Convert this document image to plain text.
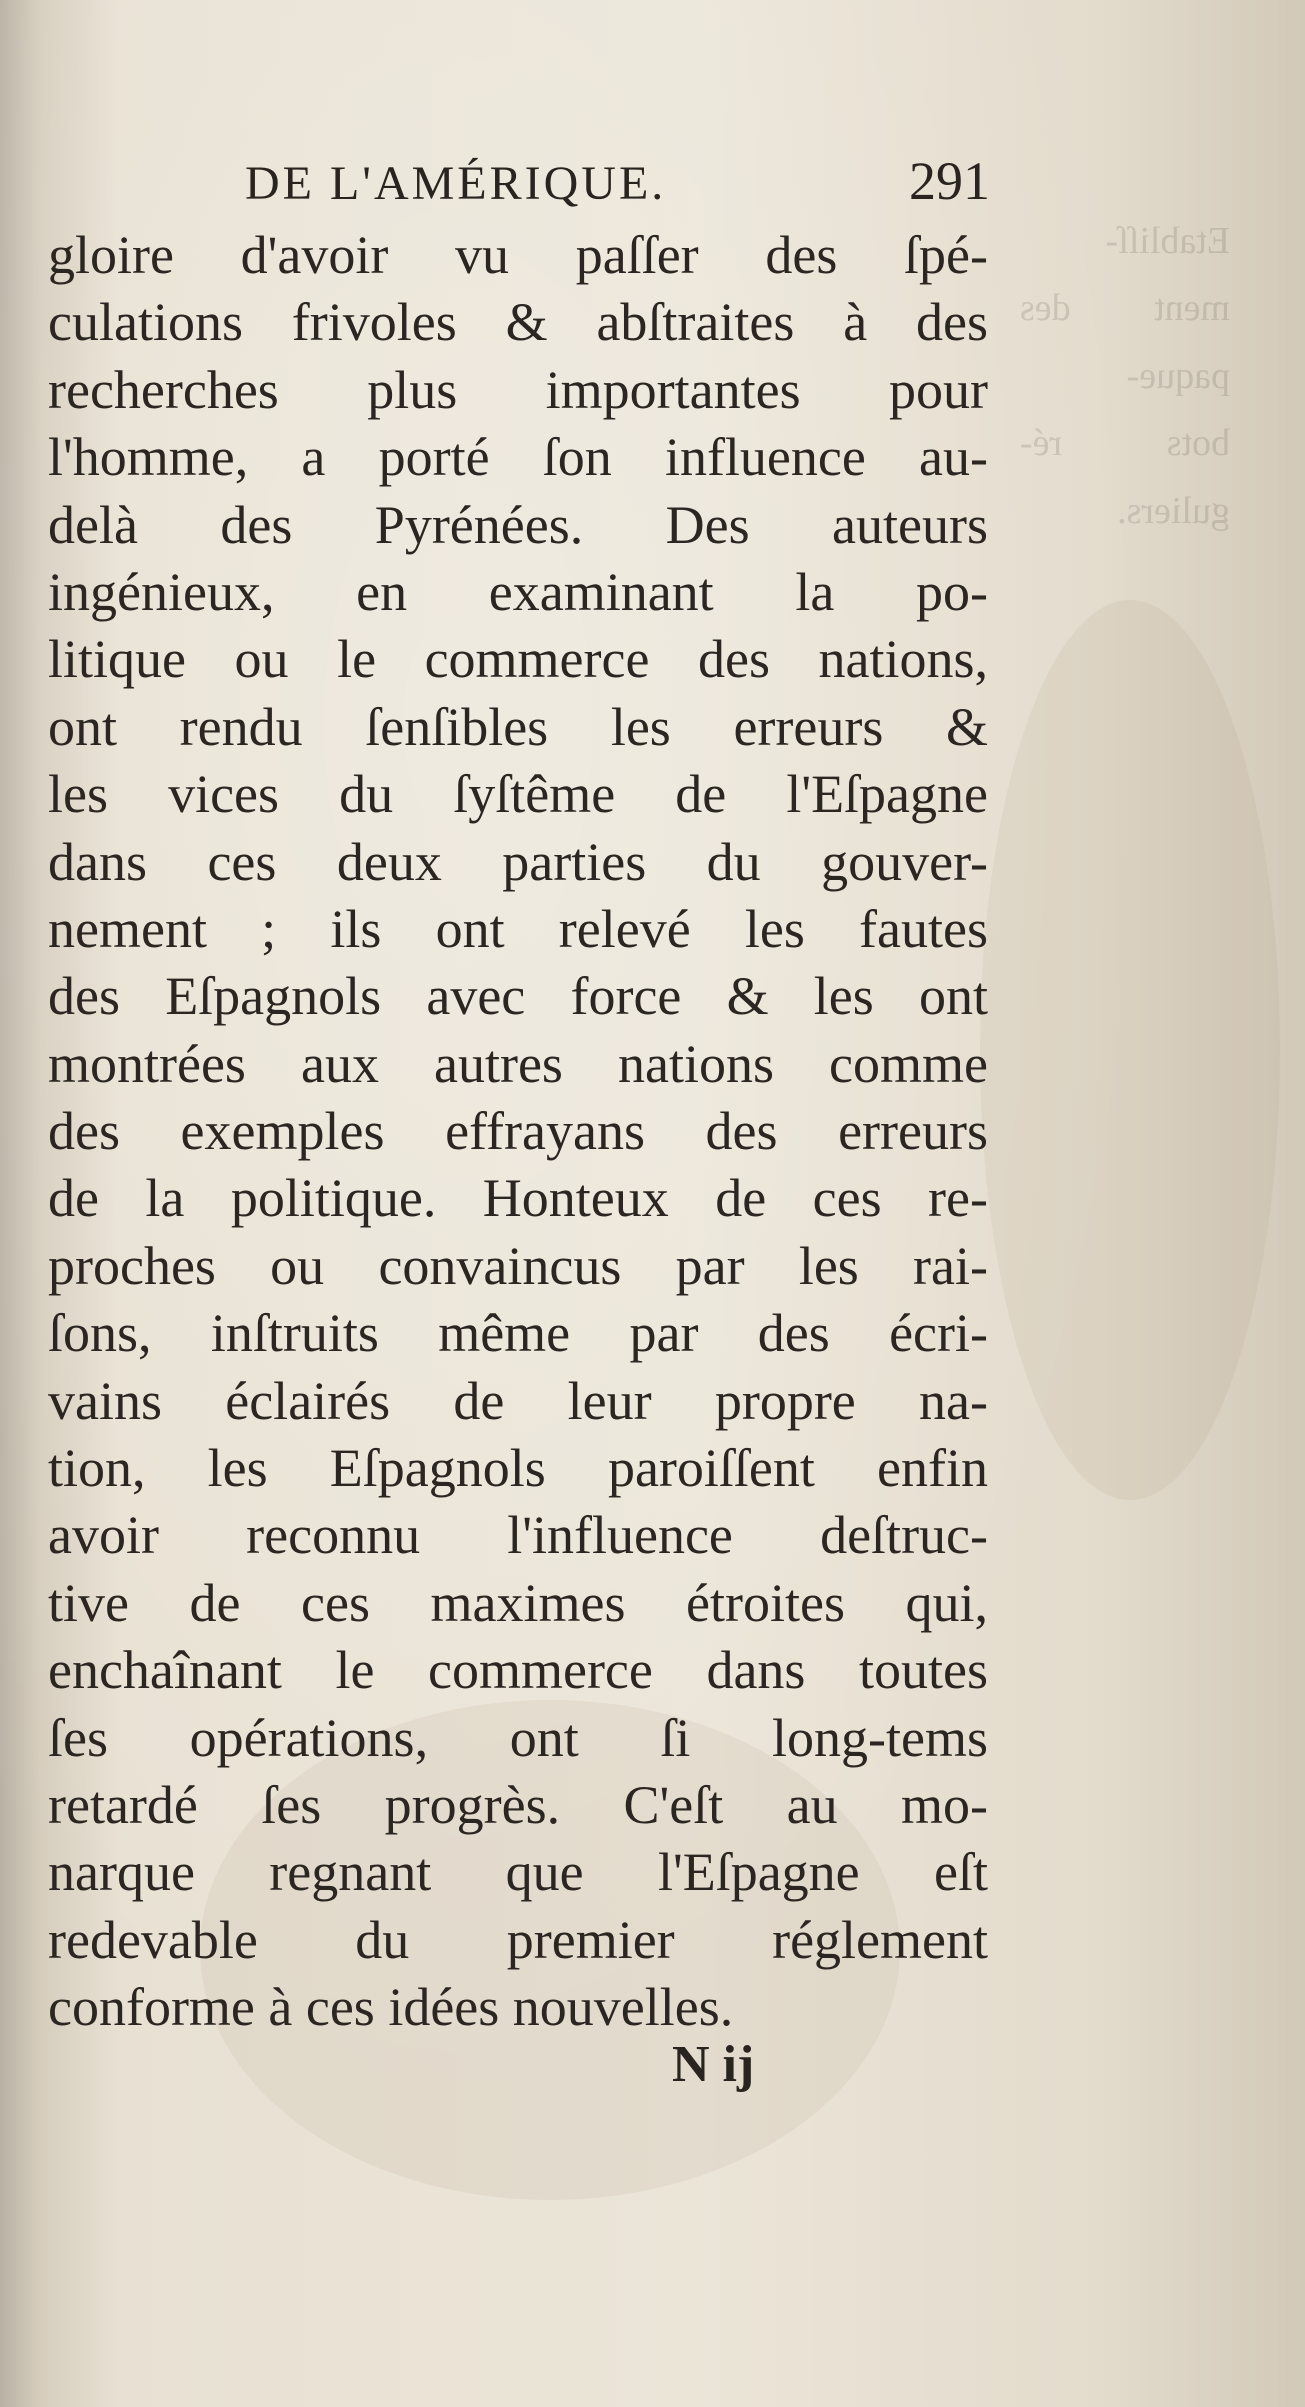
Etabliſſ-
ment des
paque-
bots ré-
guliers.
DE L'AMÉRIQUE.	291
gloire d'avoir vu paſſer des ſpé-
culations frivoles & abſtraites à des
recherches plus importantes pour
l'homme, a porté ſon influence au-
delà des Pyrénées. Des auteurs
ingénieux, en examinant la po-
litique ou le commerce des nations,
ont rendu ſenſibles les erreurs &
les vices du ſyſtême de l'Eſpagne
dans ces deux parties du gouver-
nement ; ils ont relevé les fautes
des Eſpagnols avec force & les ont
montrées aux autres nations comme
des exemples effrayans des erreurs
de la politique. Honteux de ces re-
proches ou convaincus par les rai-
ſons, inſtruits même par des écri-
vains éclairés de leur propre na-
tion, les Eſpagnols paroiſſent enfin
avoir reconnu l'influence deſtruc-
tive de ces maximes étroites qui,
enchaînant le commerce dans toutes
ſes opérations, ont ſi long-tems
retardé ſes progrès. C'eſt au mo-
narque regnant que l'Eſpagne eſt
redevable du premier réglement
conforme à ces idées nouvelles.
N ij
